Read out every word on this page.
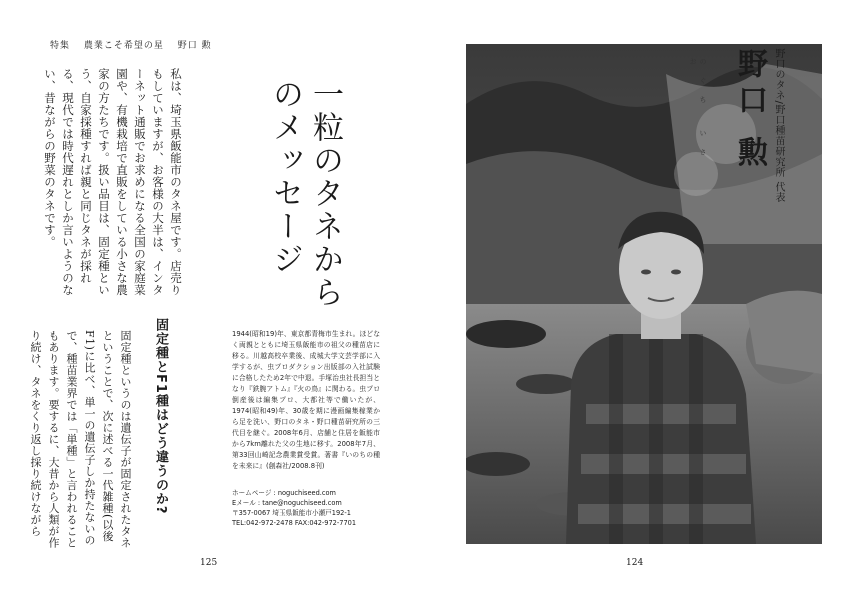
特集 農業こそ希望の星 野口 勲
私は、埼玉県飯能市のタネ屋です。店売りもしていますが、お客様の大半は、インターネット通販でお求めになる全国の家庭菜園や、有機栽培で直販をしている小さな農家の方たちです。扱い品目は、固定種という、自家採種すれば親と同じタネが採れる、現代では時代遅れとしか言いようのない、昔ながらの野菜のタネです。	一粒のタネからのメッセージ
固定種とF1種はどう違うのか?
固定種というのは遺伝子が固定されたタネということで、次に述べる一代雑種(以後F1)に比べ、単一の遺伝子しか持たないので、種苗業界では「単種」と言われることもあります。要するに、大昔から人類が作り続け、タネをくり返し採り続けながら	1944(昭和19)年、東京都青梅市生まれ。ほどなく両親とともに埼玉県飯能市の祖父の種苗店に移る。川越高校卒業後、成城大学文芸学部に入学するが、虫プロダクション出版部の入社試験に合格したため2年で中退。手塚治虫社長担当となり『鉄腕アトム』『火の鳥』に関わる。虫プロ倒産後は編集プロ、大都社等で働いたが、1974(昭和49)年、30歳を期に漫画編集稼業から足を洗い、野口のタネ・野口種苗研究所の三代目を継ぐ。2008年6月、店舗と住居を飯能市から7km離れた父の生地に移す。2008年7月、第33回山崎記念農業賞受賞。著書『いのちの種を未来に』(創森社/2008.8刊)
ホームページ : noguchiseed.com
Eメール : tane@noguchiseed.com
〒357-0067 埼玉県飯能市小瀬戸192-1
TEL:042-972-2478 FAX:042-972-7701
125
野口のタネ/野口種苗研究所 代表
野口 勲
のぐち いさお
124
